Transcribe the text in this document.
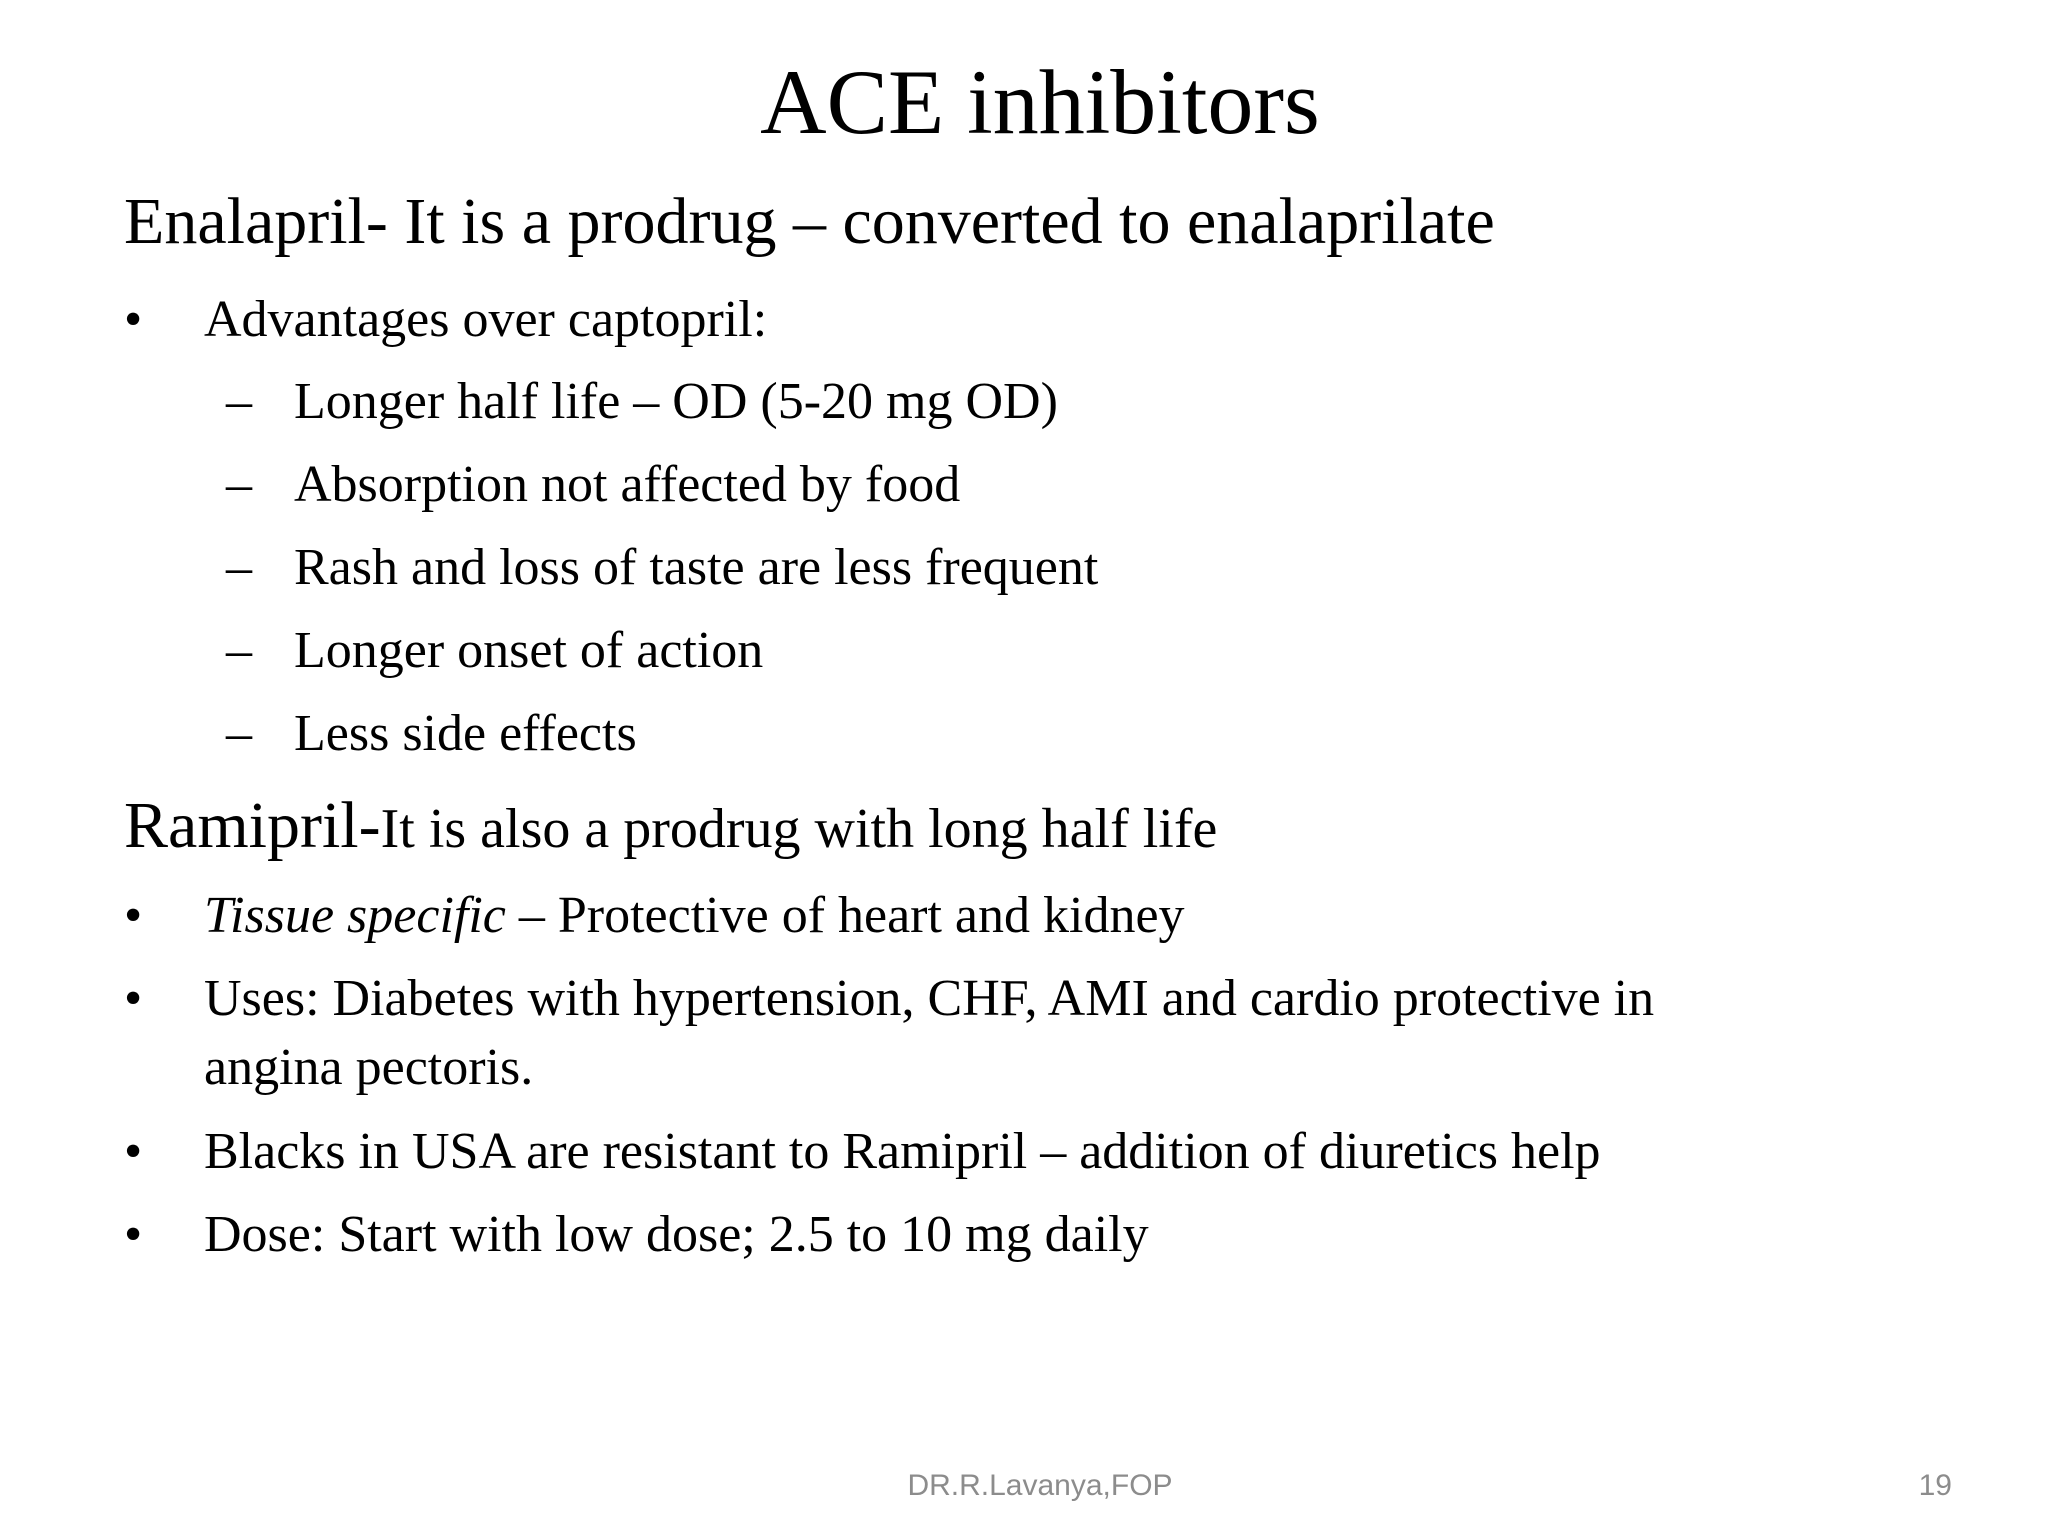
ACE inhibitors
Enalapril- It is a prodrug – converted to enalaprilate
• Advantages over captopril:
– Longer half life – OD (5-20 mg OD)
– Absorption not affected by food
– Rash and loss of taste are less frequent
– Longer onset of action
– Less side effects
Ramipril-It is also a prodrug with long half life
• Tissue specific – Protective of heart and kidney
• Uses: Diabetes with hypertension, CHF, AMI and cardio protective in
angina pectoris.
• Blacks in USA are resistant to Ramipril – addition of diuretics help
• Dose: Start with low dose; 2.5 to 10 mg daily
DR.R.Lavanya,FOP	19
